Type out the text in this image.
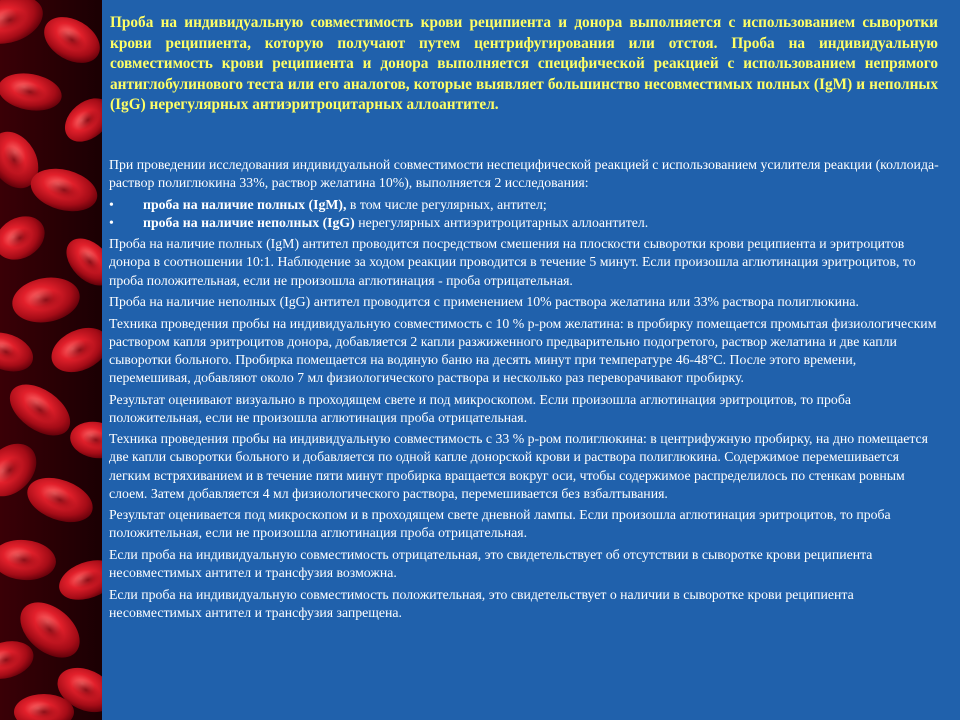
Проба на индивидуальную совместимость крови реципиента и донора выполняется с использованием сыворотки крови реципиента, которую получают путем центрифугирования или отстоя. Проба на индивидуальную совместимость крови реципиента и донора выполняется специфической реакцией с использованием непрямого антиглобулинового теста или его аналогов, которые выявляет большинство несовместимых полных (IgM) и неполных (IgG) нерегулярных антиэритроцитарных аллоантител.

При проведении исследования индивидуальной совместимости неспецифической реакцией с использованием усилителя реакции (коллоида- раствор полиглюкина 33%, раствор желатина 10%), выполняется 2 исследования:

• проба на наличие полных (IgM), в том числе регулярных, антител;
• проба на наличие неполных (IgG) нерегулярных антиэритроцитарных аллоантител.

Проба на наличие полных (IgM) антител проводится посредством смешения на плоскости сыворотки крови реципиента и эритроцитов донора в соотношении 10:1. Наблюдение за ходом реакции проводится в течение 5 минут. Если произошла аглютинация эритроцитов, то проба положительная, если не произошла аглютинация - проба отрицательная.

Проба на наличие неполных (IgG) антител проводится с применением 10% раствора желатина или 33% раствора полиглюкина.

Техника проведения пробы на индивидуальную совместимость с 10 % р-ром желатина: в пробирку помещается промытая физиологическим раствором капля эритроцитов донора, добавляется 2 капли разжиженного предварительно подогретого, раствор желатина и две капли сыворотки больного. Пробирка помещается на водяную баню на десять минут при температуре 46-48°С. После этого времени, перемешивая, добавляют около 7 мл физиологического раствора и несколько раз переворачивают пробирку.

Результат оценивают визуально в проходящем свете и под микроскопом. Если произошла аглютинация эритроцитов, то проба положительная, если не произошла аглютинация проба отрицательная.

Техника проведения пробы на индивидуальную совместимость с 33 % р-ром полиглюкина: в центрифужную пробирку, на дно помещается две капли сыворотки больного и добавляется по одной капле донорской крови и раствора полиглюкина. Содержимое перемешивается легким встряхиванием и в течение пяти минут пробирка вращается вокруг оси, чтобы содержимое распределилось по стенкам ровным слоем. Затем добавляется 4 мл физиологического раствора, перемешивается без взбалтывания.

Результат оценивается под микроскопом и в проходящем свете дневной лампы. Если произошла аглютинация эритроцитов, то проба положительная, если не произошла аглютинация проба отрицательная.

Если проба на индивидуальную совместимость отрицательная, это свидетельствует об отсутствии в сыворотке крови реципиента несовместимых антител и трансфузия возможна.

Если проба на индивидуальную совместимость положительная, это свидетельствует о наличии в сыворотке крови реципиента несовместимых антител и трансфузия запрещена.
